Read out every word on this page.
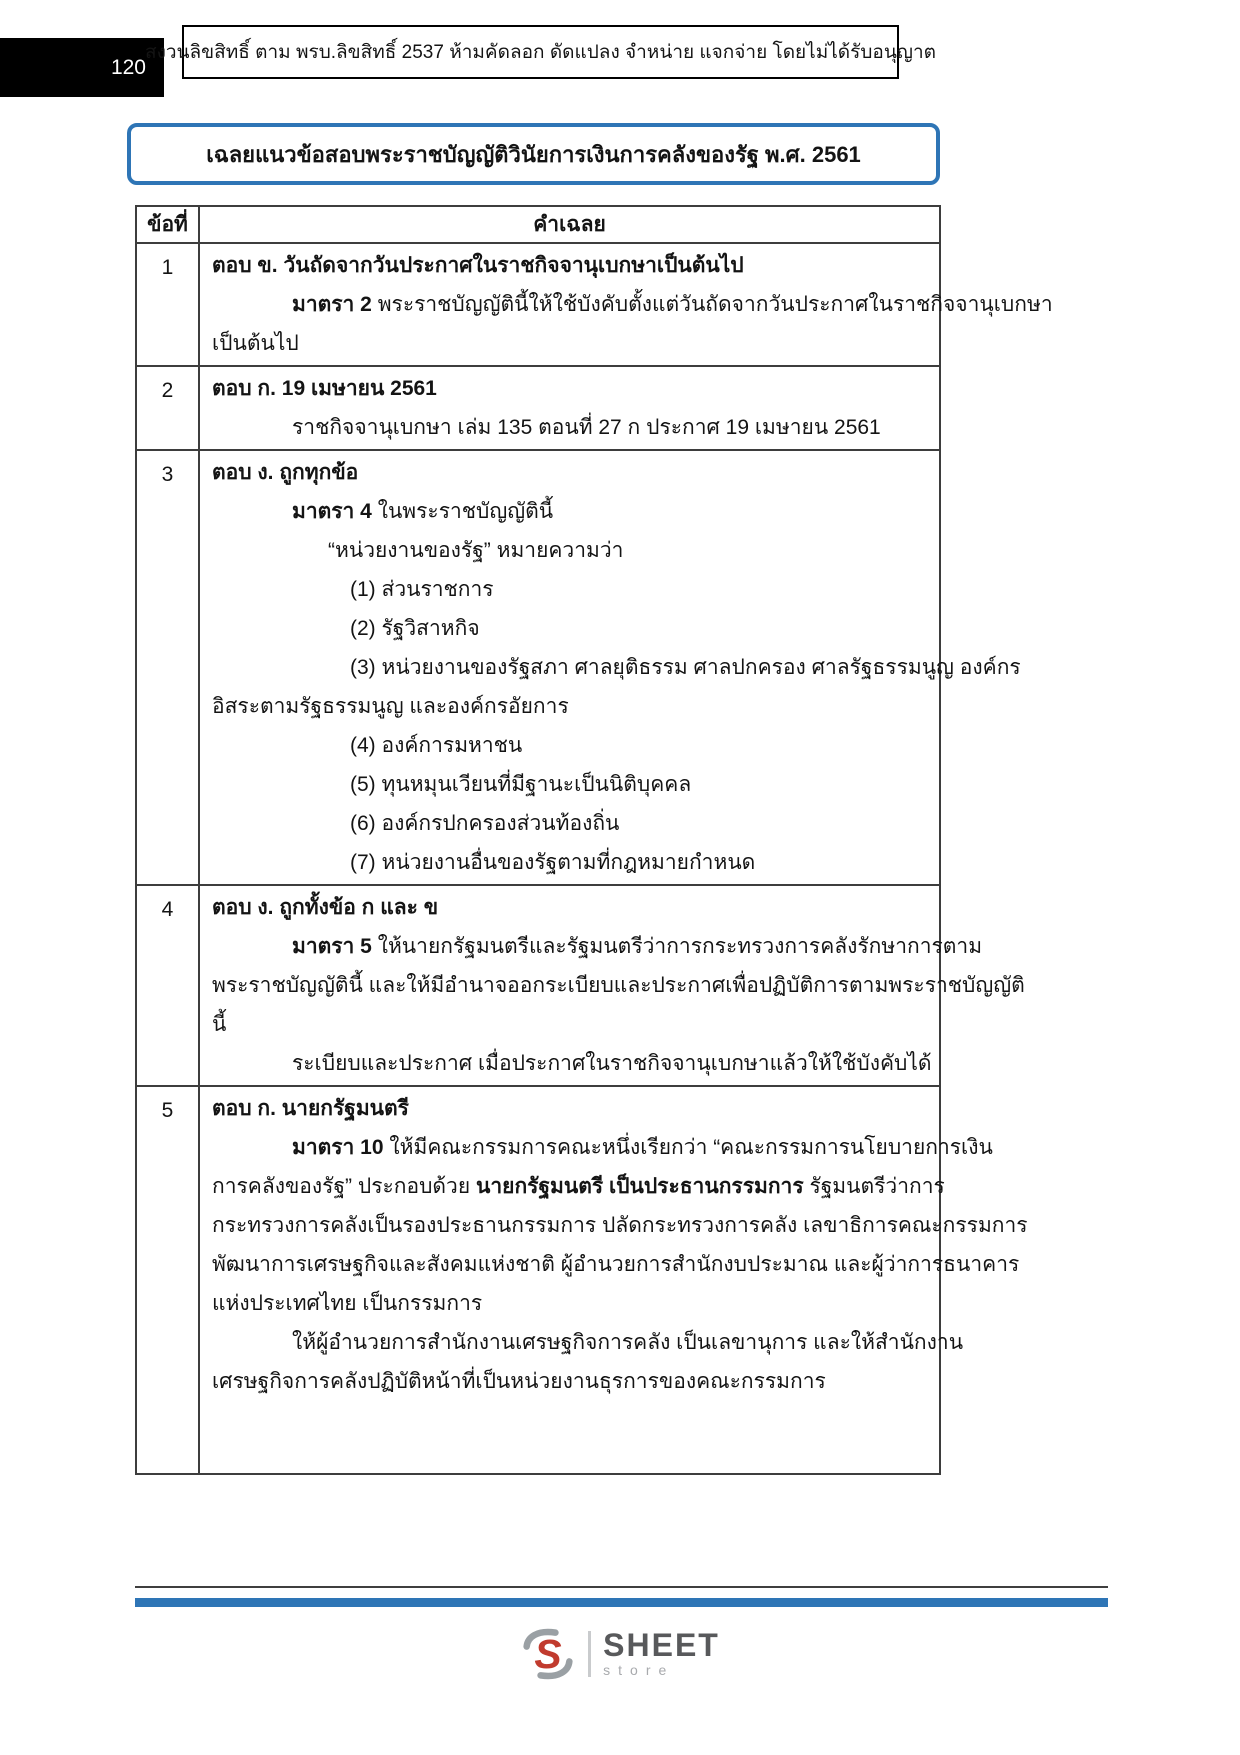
120
สงวนลิขสิทธิ์ ตาม พรบ.ลิขสิทธิ์ 2537 ห้ามคัดลอก ดัดแปลง จำหน่าย แจกจ่าย โดยไม่ได้รับอนุญาต
เฉลยแนวข้อสอบพระราชบัญญัติวินัยการเงินการคลังของรัฐ พ.ศ. 2561
ข้อที่	คำเฉลย
1	ตอบ ข. วันถัดจากวันประกาศในราชกิจจานุเบกษาเป็นต้นไป
มาตรา 2 พระราชบัญญัตินี้ให้ใช้บังคับตั้งแต่วันถัดจากวันประกาศในราชกิจจานุเบกษา
เป็นต้นไป

2	ตอบ ก. 19 เมษายน 2561
ราชกิจจานุเบกษา เล่ม 135 ตอนที่ 27 ก ประกาศ 19 เมษายน 2561

3	ตอบ ง. ถูกทุกข้อ
มาตรา 4 ในพระราชบัญญัตินี้
“หน่วยงานของรัฐ” หมายความว่า
(1) ส่วนราชการ
(2) รัฐวิสาหกิจ
(3) หน่วยงานของรัฐสภา ศาลยุติธรรม ศาลปกครอง ศาลรัฐธรรมนูญ องค์กร
อิสระตามรัฐธรรมนูญ และองค์กรอัยการ
(4) องค์การมหาชน
(5) ทุนหมุนเวียนที่มีฐานะเป็นนิติบุคคล
(6) องค์กรปกครองส่วนท้องถิ่น
(7) หน่วยงานอื่นของรัฐตามที่กฎหมายกำหนด

4	ตอบ ง. ถูกทั้งข้อ ก และ ข
มาตรา 5 ให้นายกรัฐมนตรีและรัฐมนตรีว่าการกระทรวงการคลังรักษาการตาม
พระราชบัญญัตินี้ และให้มีอำนาจออกระเบียบและประกาศเพื่อปฏิบัติการตามพระราชบัญญัติ
นี้
ระเบียบและประกาศ เมื่อประกาศในราชกิจจานุเบกษาแล้วให้ใช้บังคับได้

5	ตอบ ก. นายกรัฐมนตรี
มาตรา 10 ให้มีคณะกรรมการคณะหนึ่งเรียกว่า “คณะกรรมการนโยบายการเงิน
การคลังของรัฐ” ประกอบด้วย นายกรัฐมนตรี เป็นประธานกรรมการ รัฐมนตรีว่าการ
กระทรวงการคลังเป็นรองประธานกรรมการ ปลัดกระทรวงการคลัง เลขาธิการคณะกรรมการ
พัฒนาการเศรษฐกิจและสังคมแห่งชาติ ผู้อำนวยการสำนักงบประมาณ และผู้ว่าการธนาคาร
แห่งประเทศไทย เป็นกรรมการ
ให้ผู้อำนวยการสำนักงานเศรษฐกิจการคลัง เป็นเลขานุการ และให้สำนักงาน
เศรษฐกิจการคลังปฏิบัติหน้าที่เป็นหน่วยงานธุรการของคณะกรรมการ
S SHEET
store
